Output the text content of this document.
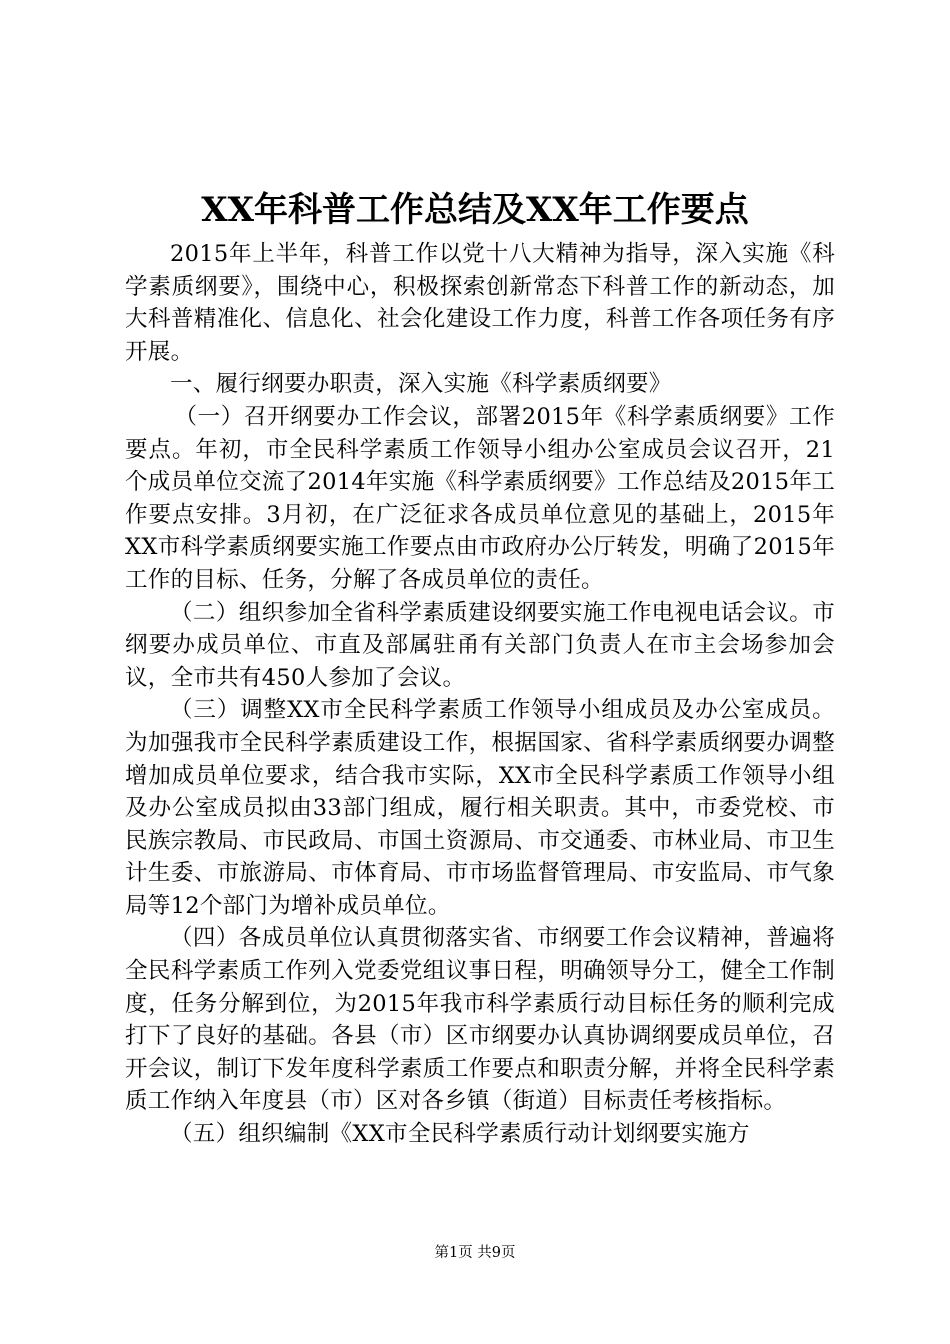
XX年科普工作总结及XX年工作要点

2015年上半年，科普工作以党十八大精神为指导，深入实施《科学素质纲要》，围绕中心，积极探索创新常态下科普工作的新动态，加大科普精准化、信息化、社会化建设工作力度，科普工作各项任务有序开展。

一、履行纲要办职责，深入实施《科学素质纲要》

（一）召开纲要办工作会议，部署2015年《科学素质纲要》工作要点。年初，市全民科学素质工作领导小组办公室成员会议召开，21个成员单位交流了2014年实施《科学素质纲要》工作总结及2015年工作要点安排。3月初，在广泛征求各成员单位意见的基础上，2015年XX市科学素质纲要实施工作要点由市政府办公厅转发，明确了2015年工作的目标、任务，分解了各成员单位的责任。

（二）组织参加全省科学素质建设纲要实施工作电视电话会议。市纲要办成员单位、市直及部属驻甬有关部门负责人在市主会场参加会议，全市共有450人参加了会议。

（三）调整XX市全民科学素质工作领导小组成员及办公室成员。为加强我市全民科学素质建设工作，根据国家、省科学素质纲要办调整增加成员单位要求，结合我市实际，XX市全民科学素质工作领导小组及办公室成员拟由33部门组成，履行相关职责。其中，市委党校、市民族宗教局、市民政局、市国土资源局、市交通委、市林业局、市卫生计生委、市旅游局、市体育局、市市场监督管理局、市安监局、市气象局等12个部门为增补成员单位。

（四）各成员单位认真贯彻落实省、市纲要工作会议精神，普遍将全民科学素质工作列入党委党组议事日程，明确领导分工，健全工作制度，任务分解到位，为2015年我市科学素质行动目标任务的顺利完成打下了良好的基础。各县（市）区市纲要办认真协调纲要成员单位，召开会议，制订下发年度科学素质工作要点和职责分解，并将全民科学素质工作纳入年度县（市）区对各乡镇（街道）目标责任考核指标。

（五）组织编制《XX市全民科学素质行动计划纲要实施方

第1页 共9页
